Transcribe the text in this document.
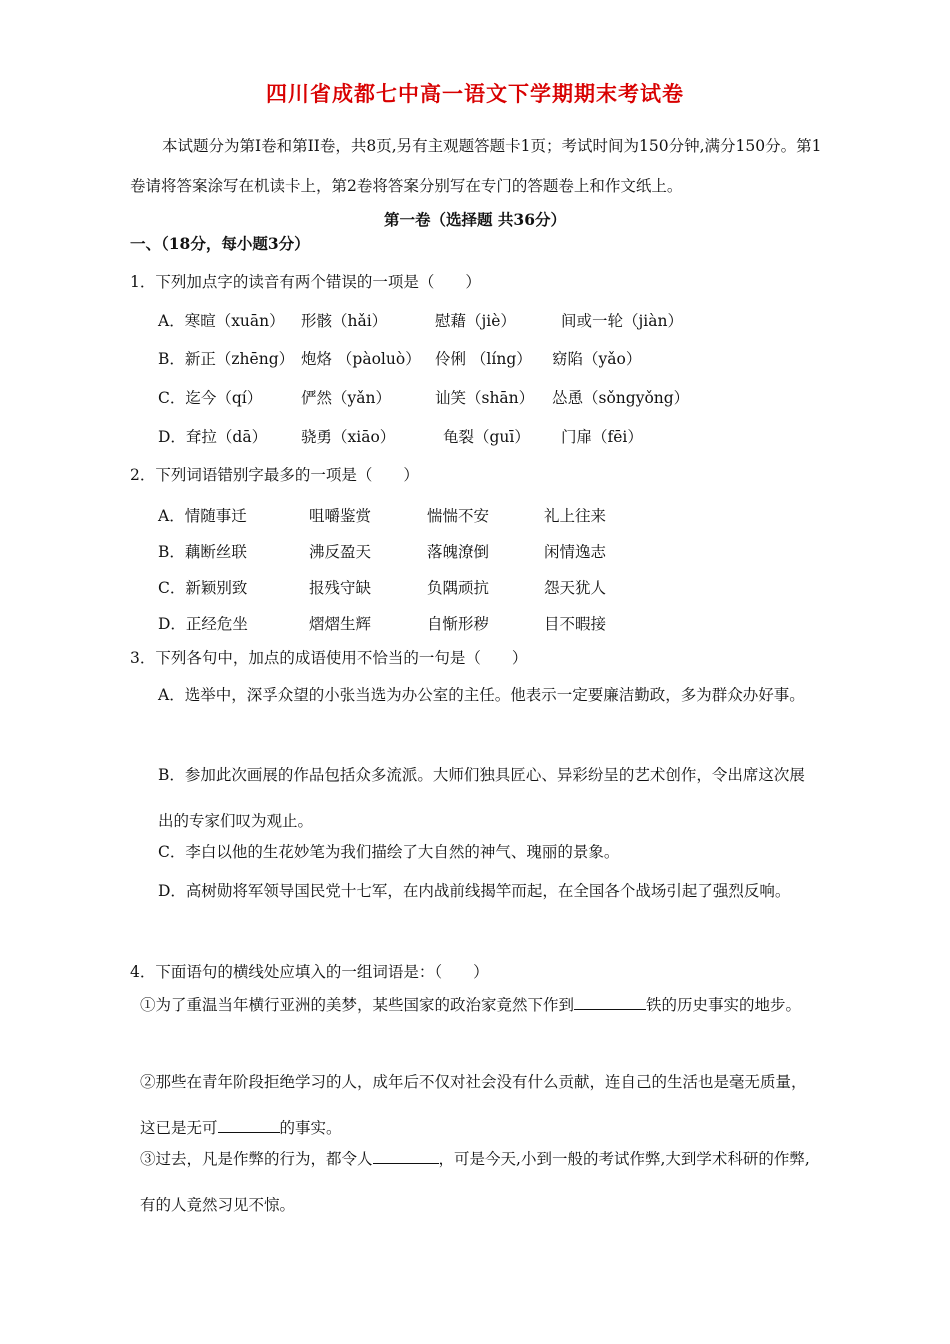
四川省成都七中高一语文下学期期末考试卷
本试题分为第I卷和第II卷，共8页,另有主观题答题卡1页；考试时间为150分钟,满分150分。第1卷请将答案涂写在机读卡上，第2卷将答案分别写在专门的答题卷上和作文纸上。
第一卷（选择题 共36分）
一、（18分，每小题3分）
1．下列加点字的读音有两个错误的一项是（　　）
A．寒暄（xuān） 形骸（hǎi）	慰藉（jiè）	间或一轮（jiàn）
B．新正（zhēng） 炮烙 （pàoluò） 伶俐 （líng） 窈陷（yǎo）
C．迄今（qí）	俨然（yǎn）	讪笑（shān） 怂恿（sǒngyǒng）
D．耷拉（dā） 骁勇（xiāo）	龟裂（guī） 门扉（fēi）
2．下列词语错别字最多的一项是（　　）
A．情随事迁	咀嚼鉴赏	惴惴不安	礼上往来
B．藕断丝联	沸反盈天	落魄潦倒	闲情逸志
C．新颖别致	报残守缺	负隅顽抗	怨天犹人
D．正经危坐	熠熠生辉	自惭形秽	目不暇接
3．下列各句中，加点的成语使用不恰当的一句是（　　）
A．选举中，深孚众望的小张当选为办公室的主任。他表示一定要廉洁勤政，多为群众办好事。
B．参加此次画展的作品包括众多流派。大师们独具匠心、异彩纷呈的艺术创作，令出席这次展出的专家们叹为观止。
C．李白以他的生花妙笔为我们描绘了大自然的神气、瑰丽的景象。
D．高树勋将军领导国民党十七军，在内战前线揭竿而起，在全国各个战场引起了强烈反响。
4．下面语句的横线处应填入的一组词语是：（　　）
①为了重温当年横行亚洲的美梦，某些国家的政治家竟然下作到	铁的历史事实的地步。
②那些在青年阶段拒绝学习的人，成年后不仅对社会没有什么贡献，连自己的生活也是毫无质量，这已是无可	的事实。
③过去，凡是作弊的行为，都令人	，可是今天,小到一般的考试作弊,大到学术科研的作弊,有的人竟然习见不惊。
